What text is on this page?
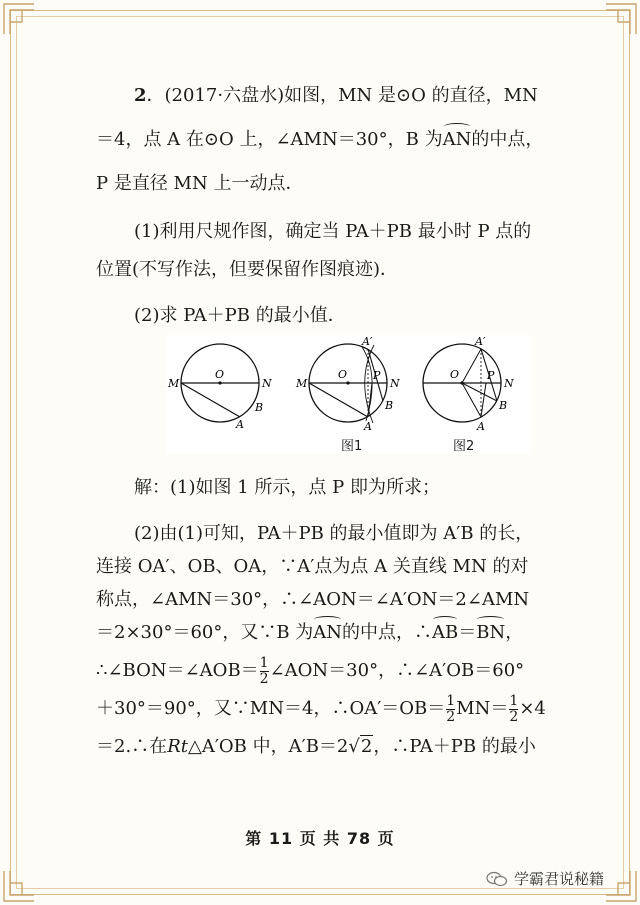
2．(2017·六盘水)如图，MN 是⊙O 的直径，MN
＝4，点 A 在⊙O 上，∠AMN＝30°，B 为AN的中点，
P 是直径 MN 上一动点．
(1)利用尺规作图，确定当 PA＋PB 最小时 P 点的
位置(不写作法，但要保留作图痕迹)．
(2)求 PA＋PB 的最小值．
M	N
O
A
B
M	N
O
A′
P
A
B
O
N
A′
P
A
B
图1	图2
解：(1)如图 1 所示，点 P 即为所求；
(2)由(1)可知，PA＋PB 的最小值即为 A′B 的长，
连接 OA′、OB、OA，∵A′点为点 A 关直线 MN 的对
称点，∠AMN＝30°，∴∠AON＝∠A′ON＝2∠AMN
＝2×30°＝60°，又∵B 为AN的中点，∴AB＝BN，
∴∠BON＝∠AOB＝ $\frac{1}{2}$ ∠AON＝30°，∴∠A′OB＝60°
＋30°＝90°，又∵MN＝4，∴OA′＝OB＝ $\frac{1}{2} MN= \frac{1}{2} \times 4$
＝2.∴在Rt△A′OB 中，A′B＝2√2，∴PA＋PB 的最小
第 11 页 共 78 页
学霸君说秘籍
